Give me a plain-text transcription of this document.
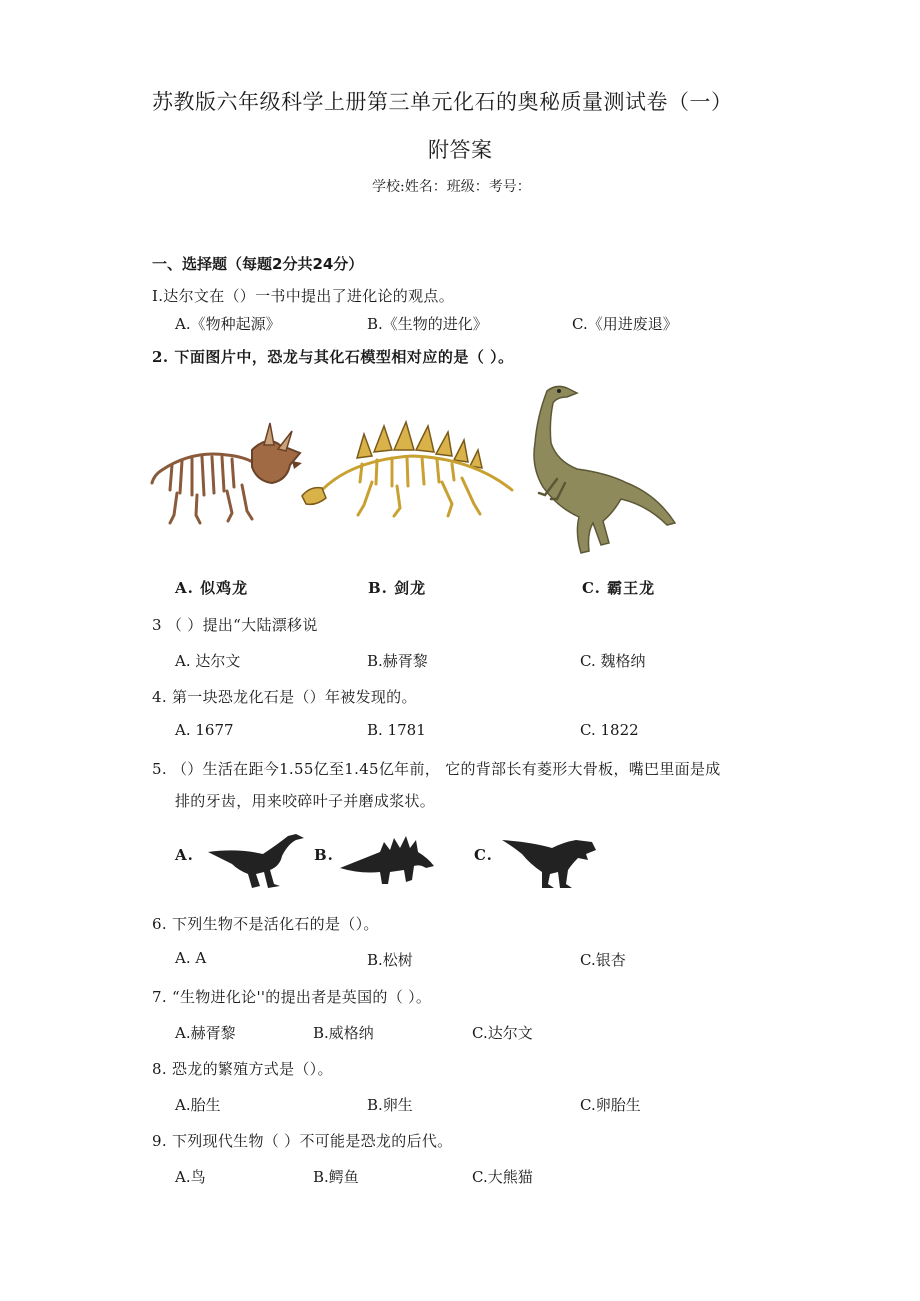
苏教版六年级科学上册第三单元化石的奥秘质量测试卷（一）
附答案
学校:姓名：班级：考号：
一、选择题（每题2分共24分）
I.达尔文在（）一书中提出了进化论的观点。
A.《物种起源》	B.《生物的进化》	C.《用进废退》
2. 下面图片中，恐龙与其化石模型相对应的是（ ）。
A. 似鸡龙	B. 剑龙	C. 霸王龙
3 （ ）提出“大陆漂移说
A. 达尔文	B.赫胥黎	C. 魏格纳
4. 第一块恐龙化石是（）年被发现的。
A. 1677	B. 1781	C. 1822
5. （）生活在距今1.55亿至1.45亿年前， 它的背部长有菱形大骨板，嘴巴里面是成
排的牙齿，用来咬碎叶子并磨成浆状。
A.	B.	C.
6. 下列生物不是活化石的是（）。
A. A	B.松树	C.银杏
7. “生物进化论''的提出者是英国的（ ）。
A.赫胥黎	B.威格纳	C.达尔文
8. 恐龙的繁殖方式是（）。
A.胎生	B.卵生	C.卵胎生
9. 下列现代生物（ ）不可能是恐龙的后代。
A.鸟	B.鳄鱼	C.大熊猫
